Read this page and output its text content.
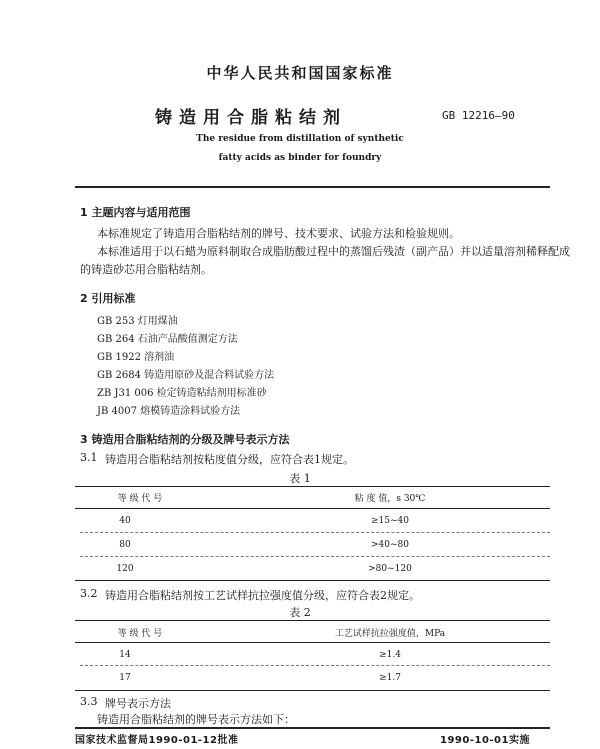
中华人民共和国国家标准
铸造用合脂粘结剂	GB 12216—90
The residue from distillation of synthetic
fatty acids as binder for foundry
1 主题内容与适用范围
本标准规定了铸造用合脂粘结剂的牌号、技术要求、试验方法和检验规则。
本标准适用于以石蜡为原料制取合成脂肪酸过程中的蒸馏后残渣（副产品）并以适量溶剂稀释配成
的铸造砂芯用合脂粘结剂。
2 引用标准
GB 253 灯用煤油
GB 264 石油产品酸值测定方法
GB 1922 溶剂油
GB 2684 铸造用原砂及混合料试验方法
ZB J31 006 检定铸造粘结剂用标准砂
JB 4007 熔模铸造涂料试验方法
3 铸造用合脂粘结剂的分级及牌号表示方法
3.1 铸造用合脂粘结剂按粘度值分级，应符合表1规定。
表 1
等 级 代 号	粘 度 值，s 30℃
40	≥15~40
80	>40~80
120	>80~120
3.2 铸造用合脂粘结剂按工艺试样抗拉强度值分级，应符合表2规定。
表 2
等 级 代 号	工艺试样抗拉强度值，MPa
14	≥1.4
17	≥1.7
3.3 牌号表示方法
铸造用合脂粘结剂的牌号表示方法如下：
国家技术监督局1990-01-12批准	1990-10-01实施
